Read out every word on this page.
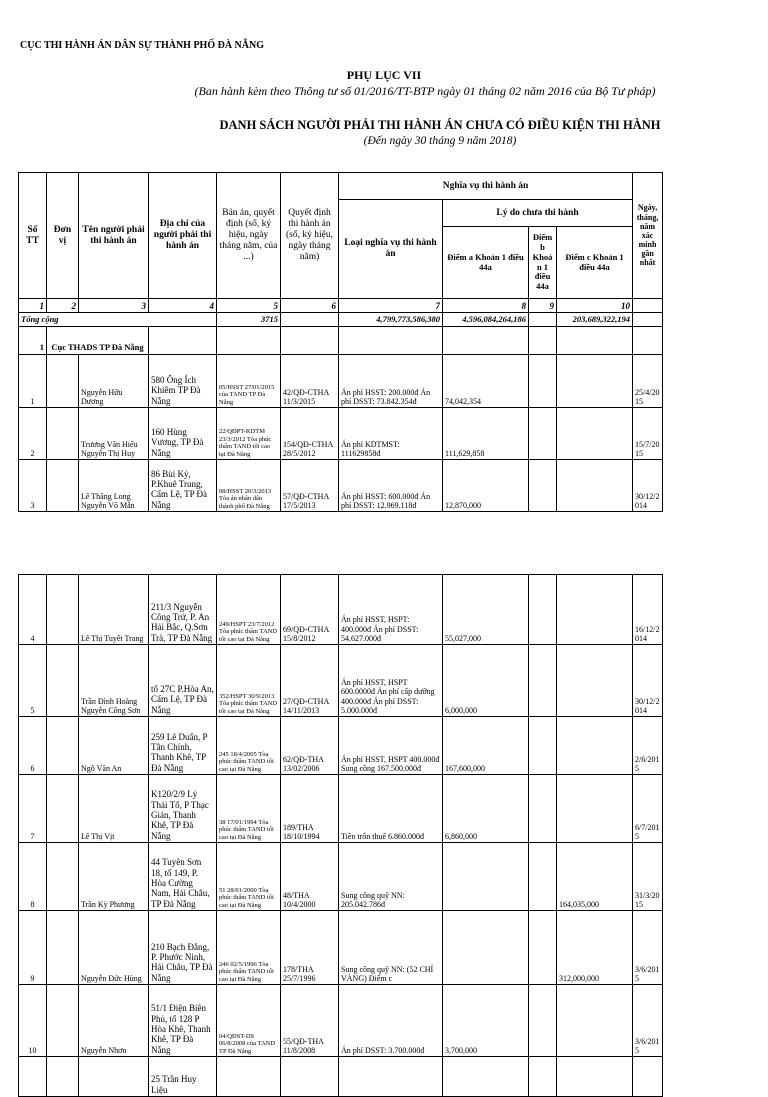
CỤC THI HÀNH ÁN DÂN SỰ THÀNH PHỐ ĐÀ NẴNG
PHỤ LỤC VII
(Ban hành kèm theo Thông tư số 01/2016/TT-BTP ngày 01 tháng 02 năm 2016 của Bộ Tư pháp)
DANH SÁCH NGƯỜI PHẢI THI HÀNH ÁN CHƯA CÓ ĐIỀU KIỆN THI HÀNH
(Đến ngày 30 tháng 9 năm 2018)
Số TT	Đơn vị	Tên người phải thi hành án	Địa chỉ của người phải thi hành án	Bản án, quyết định (số, ký hiệu, ngày tháng năm, của ...)	Quyết định thi hành án (số, ký hiệu, ngày tháng năm)	Nghĩa vụ thi hành án				Ngày, tháng, năm xác minh gần nhất
						Loại nghĩa vụ thi hành án	Lý do chưa thi hành			
							Điểm a Khoản 1 điều 44a	Điểm b Khoản 1 điều 44a	Điểm c Khoản 1 điều 44a	
1	2	3	4	5	6	7	8	9	10	
Tổng cộng				3715		4,799,773,586,380	4,596,084,264,186		203,689,322,194	
1	Cục THADS TP Đà Nẵng									
1		Nguyễn Hữu Dương	580 Ông Ích Khiêm TP Đà Nẵng	05/HSST 27/01/2015 của TAND TP Đà Nẵng	42/QĐ-CTHA 11/3/2015	Án phí HSST: 200.000đ Án phí DSST: 73.842.354đ	74,042,354			25/4/2015
2		Trương Văn Hiếu Nguyễn Thị Huy	160 Hùng Vương, TP Đà Nẵng	22/QĐPT-KDTM 23/3/2012 Tòa phúc thẩm TAND tối cao tại Đà Nẵng	154/QĐ-CTHA 28/5/2012	Án phí KDTMST: 111629858đ	111,629,858			15/7/2015
3		Lê Thăng Long Nguyễn Võ Mẫn	86 Bùi Kỷ, P.Khuê Trung, Cẩm Lệ, TP Đà Nẵng	08/HSST 20/3/2013 Tòa án nhân dân thành phố Đà Nẵng	57/QĐ-CTHA 17/5/2013	Án phí HSST: 600.000đ Án phí DSST: 12.969.118đ	12,870,000			30/12/2014
4		Lê Thị Tuyết Trang	211/3 Nguyễn Công Trứ, P. An Hải Bắc, Q.Sơn Trà, TP Đà Nẵng	249/HSPT 23/7/2012 Tòa phúc thẩm TAND tối cao tại Đà Nẵng	69/QĐ-CTHA 15/8/2012	Án phí HSST, HSPT: 400.000đ Án phí DSST: 54.627.000đ	55,027,000			16/12/2014
5		Trần Đình Hoàng Nguyễn Công Sơn	tổ 27C P.Hòa An, Cẩm Lệ, TP Đà Nẵng	352/HSPT 30/9/2013 Tòa phúc thẩm TAND tối cao tại Đà Nẵng	27/QĐ-CTHA 14/11/2013	Án phí HSST, HSPT 600.0000đ Án phí cấp dưỡng 400.000đ Án phí DSST: 5.000.000đ	6,000,000			30/12/2014
6		Ngô Văn An	259 Lê Duẩn, P Tân Chính, Thanh Khê, TP Đà Nẵng	245 18/4/2005 Tòa phúc thẩm TAND tối cao tại Đà Nẵng	62/QĐ-THA 13/02/2006	Án phí HSST, HSPT 400.000đ Sung công 167.500.000đ	167,600,000			2/6/2015
7		Lê Thị Vịt	K120/2/9 Lý Thái Tổ, P Thạc Gián, Thanh Khê, TP Đà Nẵng	38 17/01/1994 Tòa phúc thẩm TAND tối cao tại Đà Nẵng	189/THA 18/10/1994	Tiền trốn thuế 6.860.000đ	6,860,000			6/7/2015
8		Trần Kỳ Phương	44 Tuyên Sơn 18, tổ 149, P. Hòa Cường Nam, Hải Châu, TP Đà Nẵng	51 28/01/2000 Tòa phúc thẩm TAND tối cao tại Đà Nẵng	48/THA 10/4/2000	Sung công quỹ NN: 205.042.786đ			164,035,000	31/3/2015
9		Nguyễn Đức Hùng	210 Bạch Đằng, P. Phước Ninh, Hải Châu, TP Đà Nẵng	246 02/5/1996 Tòa phúc thẩm TAND tối cao tại Đà Nẵng	178/THA 25/7/1996	Sung công quỹ NN: (52 CHỈ VÀNG) Điểm c			312,000,000	3/6/2015
10		Nguyễn Nhơn	51/1 Điện Biên Phủ, tổ 128 P Hòa Khê, Thanh Khê, TP Đà Nẵng	04/QĐST-DS 06/8/2008 của TAND TP Đà Nẵng	55/QĐ-THA 11/8/2008	Án phí DSST: 3.700.000đ	3,700,000			3/6/2015
			25 Trần Huy Liệu							
